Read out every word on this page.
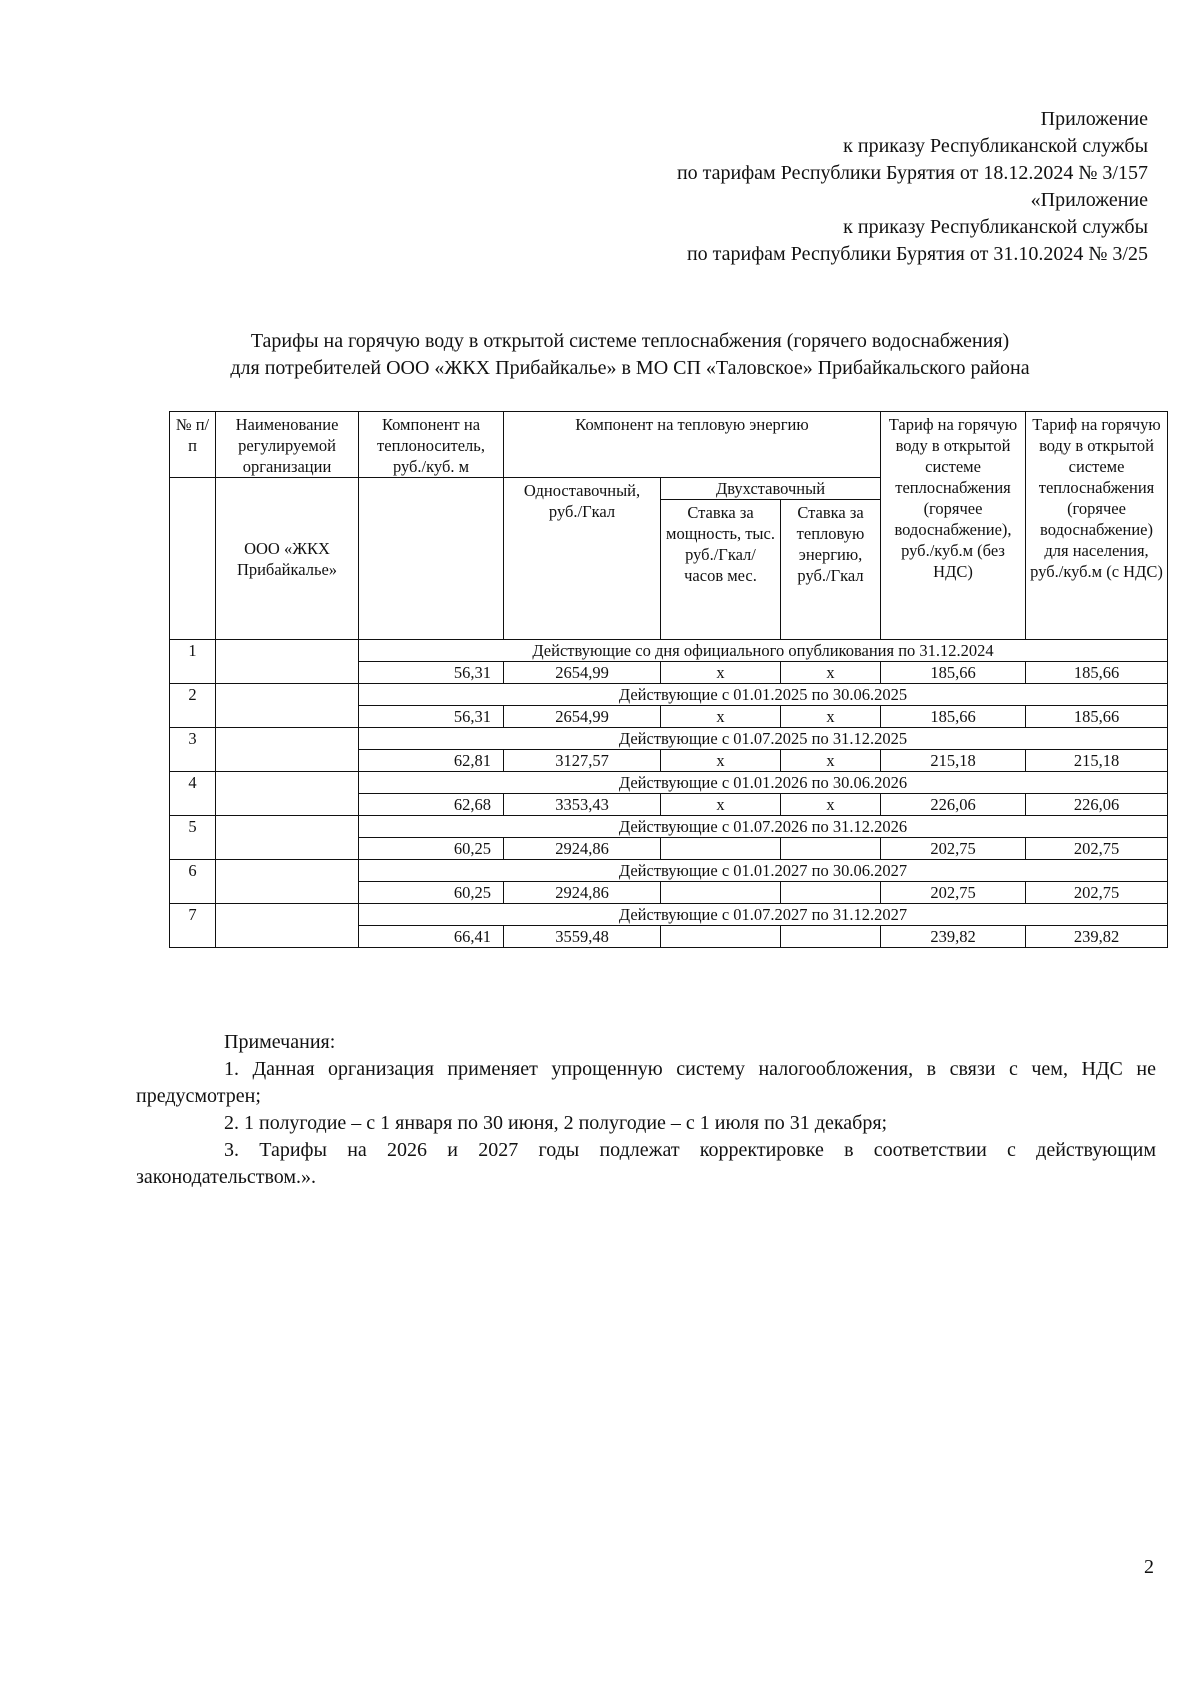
Приложение
к приказу Республиканской службы
по тарифам Республики Бурятия от 18.12.2024 № 3/157
«Приложение
к приказу Республиканской службы
по тарифам Республики Бурятия от 31.10.2024 № 3/25
Тарифы на горячую воду в открытой системе теплоснабжения (горячего водоснабжения)
для потребителей ООО «ЖКХ Прибайкалье» в МО СП «Таловское» Прибайкальского района
№ п/п	Наименование регулируемой организации	Компонент на теплоноситель, руб./куб. м	Компонент на тепловую энергию			Тариф на горячую воду в открытой системе теплоснабжения (горячее водоснабжение), руб./куб.м (без НДС)	Тариф на горячую воду в открытой системе теплоснабжения (горячее водоснабжение) для населения, руб./куб.м (с НДС)
	ООО «ЖКХ Прибайкалье»		Одноставочный, руб./Гкал	Двухставочный			
				Ставка за мощность, тыс. руб./Гкал/ часов мес.	Ставка за тепловую энергию, руб./Гкал		
1		Действующие со дня официального опубликования по 31.12.2024					
		56,31	2654,99	х	х	185,66	185,66
2		Действующие с 01.01.2025 по 30.06.2025					
		56,31	2654,99	х	х	185,66	185,66
3		Действующие с 01.07.2025 по 31.12.2025					
		62,81	3127,57	х	х	215,18	215,18
4		Действующие с 01.01.2026 по 30.06.2026					
		62,68	3353,43	х	х	226,06	226,06
5		Действующие с 01.07.2026 по 31.12.2026					
		60,25	2924,86			202,75	202,75
6		Действующие с 01.01.2027 по 30.06.2027					
		60,25	2924,86			202,75	202,75
7		Действующие с 01.07.2027 по 31.12.2027					
		66,41	3559,48			239,82	239,82
Примечания:
1. Данная организация применяет упрощенную систему налогообложения, в связи с чем, НДС не предусмотрен;
2. 1 полугодие – с 1 января по 30 июня, 2 полугодие – с 1 июля по 31 декабря;
3. Тарифы на 2026 и 2027 годы подлежат корректировке в соответствии с действующим законодательством.».
2
